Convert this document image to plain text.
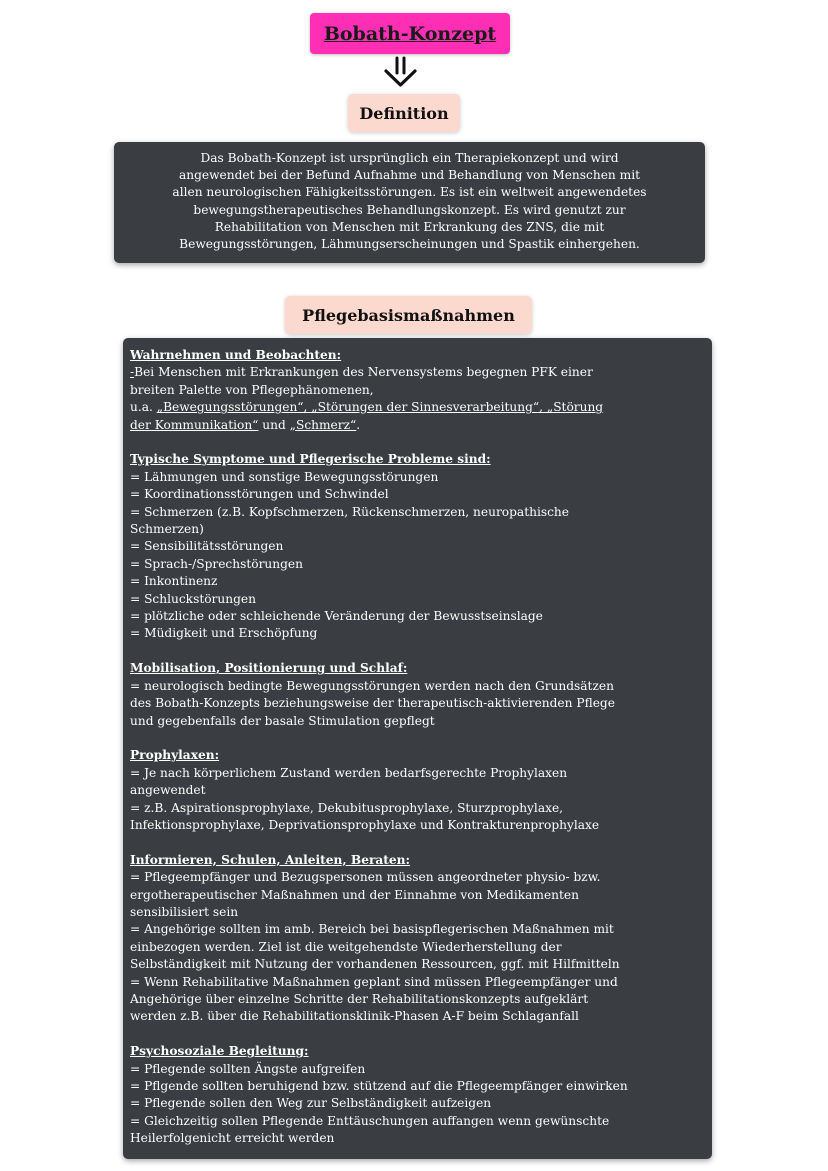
Bobath-Konzept
Definition
Das Bobath-Konzept ist ursprünglich ein Therapiekonzept und wird
angewendet bei der Befund Aufnahme und Behandlung von Menschen mit
allen neurologischen Fähigkeitsstörungen. Es ist ein weltweit angewendetes
bewegungstherapeutisches Behandlungskonzept. Es wird genutzt zur
Rehabilitation von Menschen mit Erkrankung des ZNS, die mit
Bewegungsstörungen, Lähmungserscheinungen und Spastik einhergehen.
Pflegebasismaßnahmen
Wahrnehmen und Beobachten:
-Bei Menschen mit Erkrankungen des Nervensystems begegnen PFK einer
breiten Palette von Pflegephänomenen,
u.a. „Bewegungsstörungen“, „Störungen der Sinnesverarbeitung“, „Störung
der Kommunikation“ und „Schmerz“.
Typische Symptome und Pflegerische Probleme sind:
= Lähmungen und sonstige Bewegungsstörungen
= Koordinationsstörungen und Schwindel
= Schmerzen (z.B. Kopfschmerzen, Rückenschmerzen, neuropathische
Schmerzen)
= Sensibilitätsstörungen
= Sprach-/Sprechstörungen
= Inkontinenz
= Schluckstörungen
= plötzliche oder schleichende Veränderung der Bewusstseinslage
= Müdigkeit und Erschöpfung
Mobilisation, Positionierung und Schlaf:
= neurologisch bedingte Bewegungsstörungen werden nach den Grundsätzen
des Bobath-Konzepts beziehungsweise der therapeutisch-aktivierenden Pflege
und gegebenfalls der basale Stimulation gepflegt
Prophylaxen:
= Je nach körperlichem Zustand werden bedarfsgerechte Prophylaxen
angewendet
= z.B. Aspirationsprophylaxe, Dekubitusprophylaxe, Sturzprophylaxe,
Infektionsprophylaxe, Deprivationsprophylaxe und Kontrakturenprophylaxe
Informieren, Schulen, Anleiten, Beraten:
= Pflegeempfänger und Bezugspersonen müssen angeordneter physio- bzw.
ergotherapeutischer Maßnahmen und der Einnahme von Medikamenten
sensibilisiert sein
= Angehörige sollten im amb. Bereich bei basispflegerischen Maßnahmen mit
einbezogen werden. Ziel ist die weitgehendste Wiederherstellung der
Selbständigkeit mit Nutzung der vorhandenen Ressourcen, ggf. mit Hilfmitteln
= Wenn Rehabilitative Maßnahmen geplant sind müssen Pflegeempfänger und
Angehörige über einzelne Schritte der Rehabilitationskonzepts aufgeklärt
werden z.B. über die Rehabilitationsklinik-Phasen A-F beim Schlaganfall
Psychosoziale Begleitung:
= Pflegende sollten Ängste aufgreifen
= Pflgende sollten beruhigend bzw. stützend auf die Pflegeempfänger einwirken
= Pflegende sollen den Weg zur Selbständigkeit aufzeigen
= Gleichzeitig sollen Pflegende Enttäuschungen auffangen wenn gewünschte
Heilerfolgenicht erreicht werden
